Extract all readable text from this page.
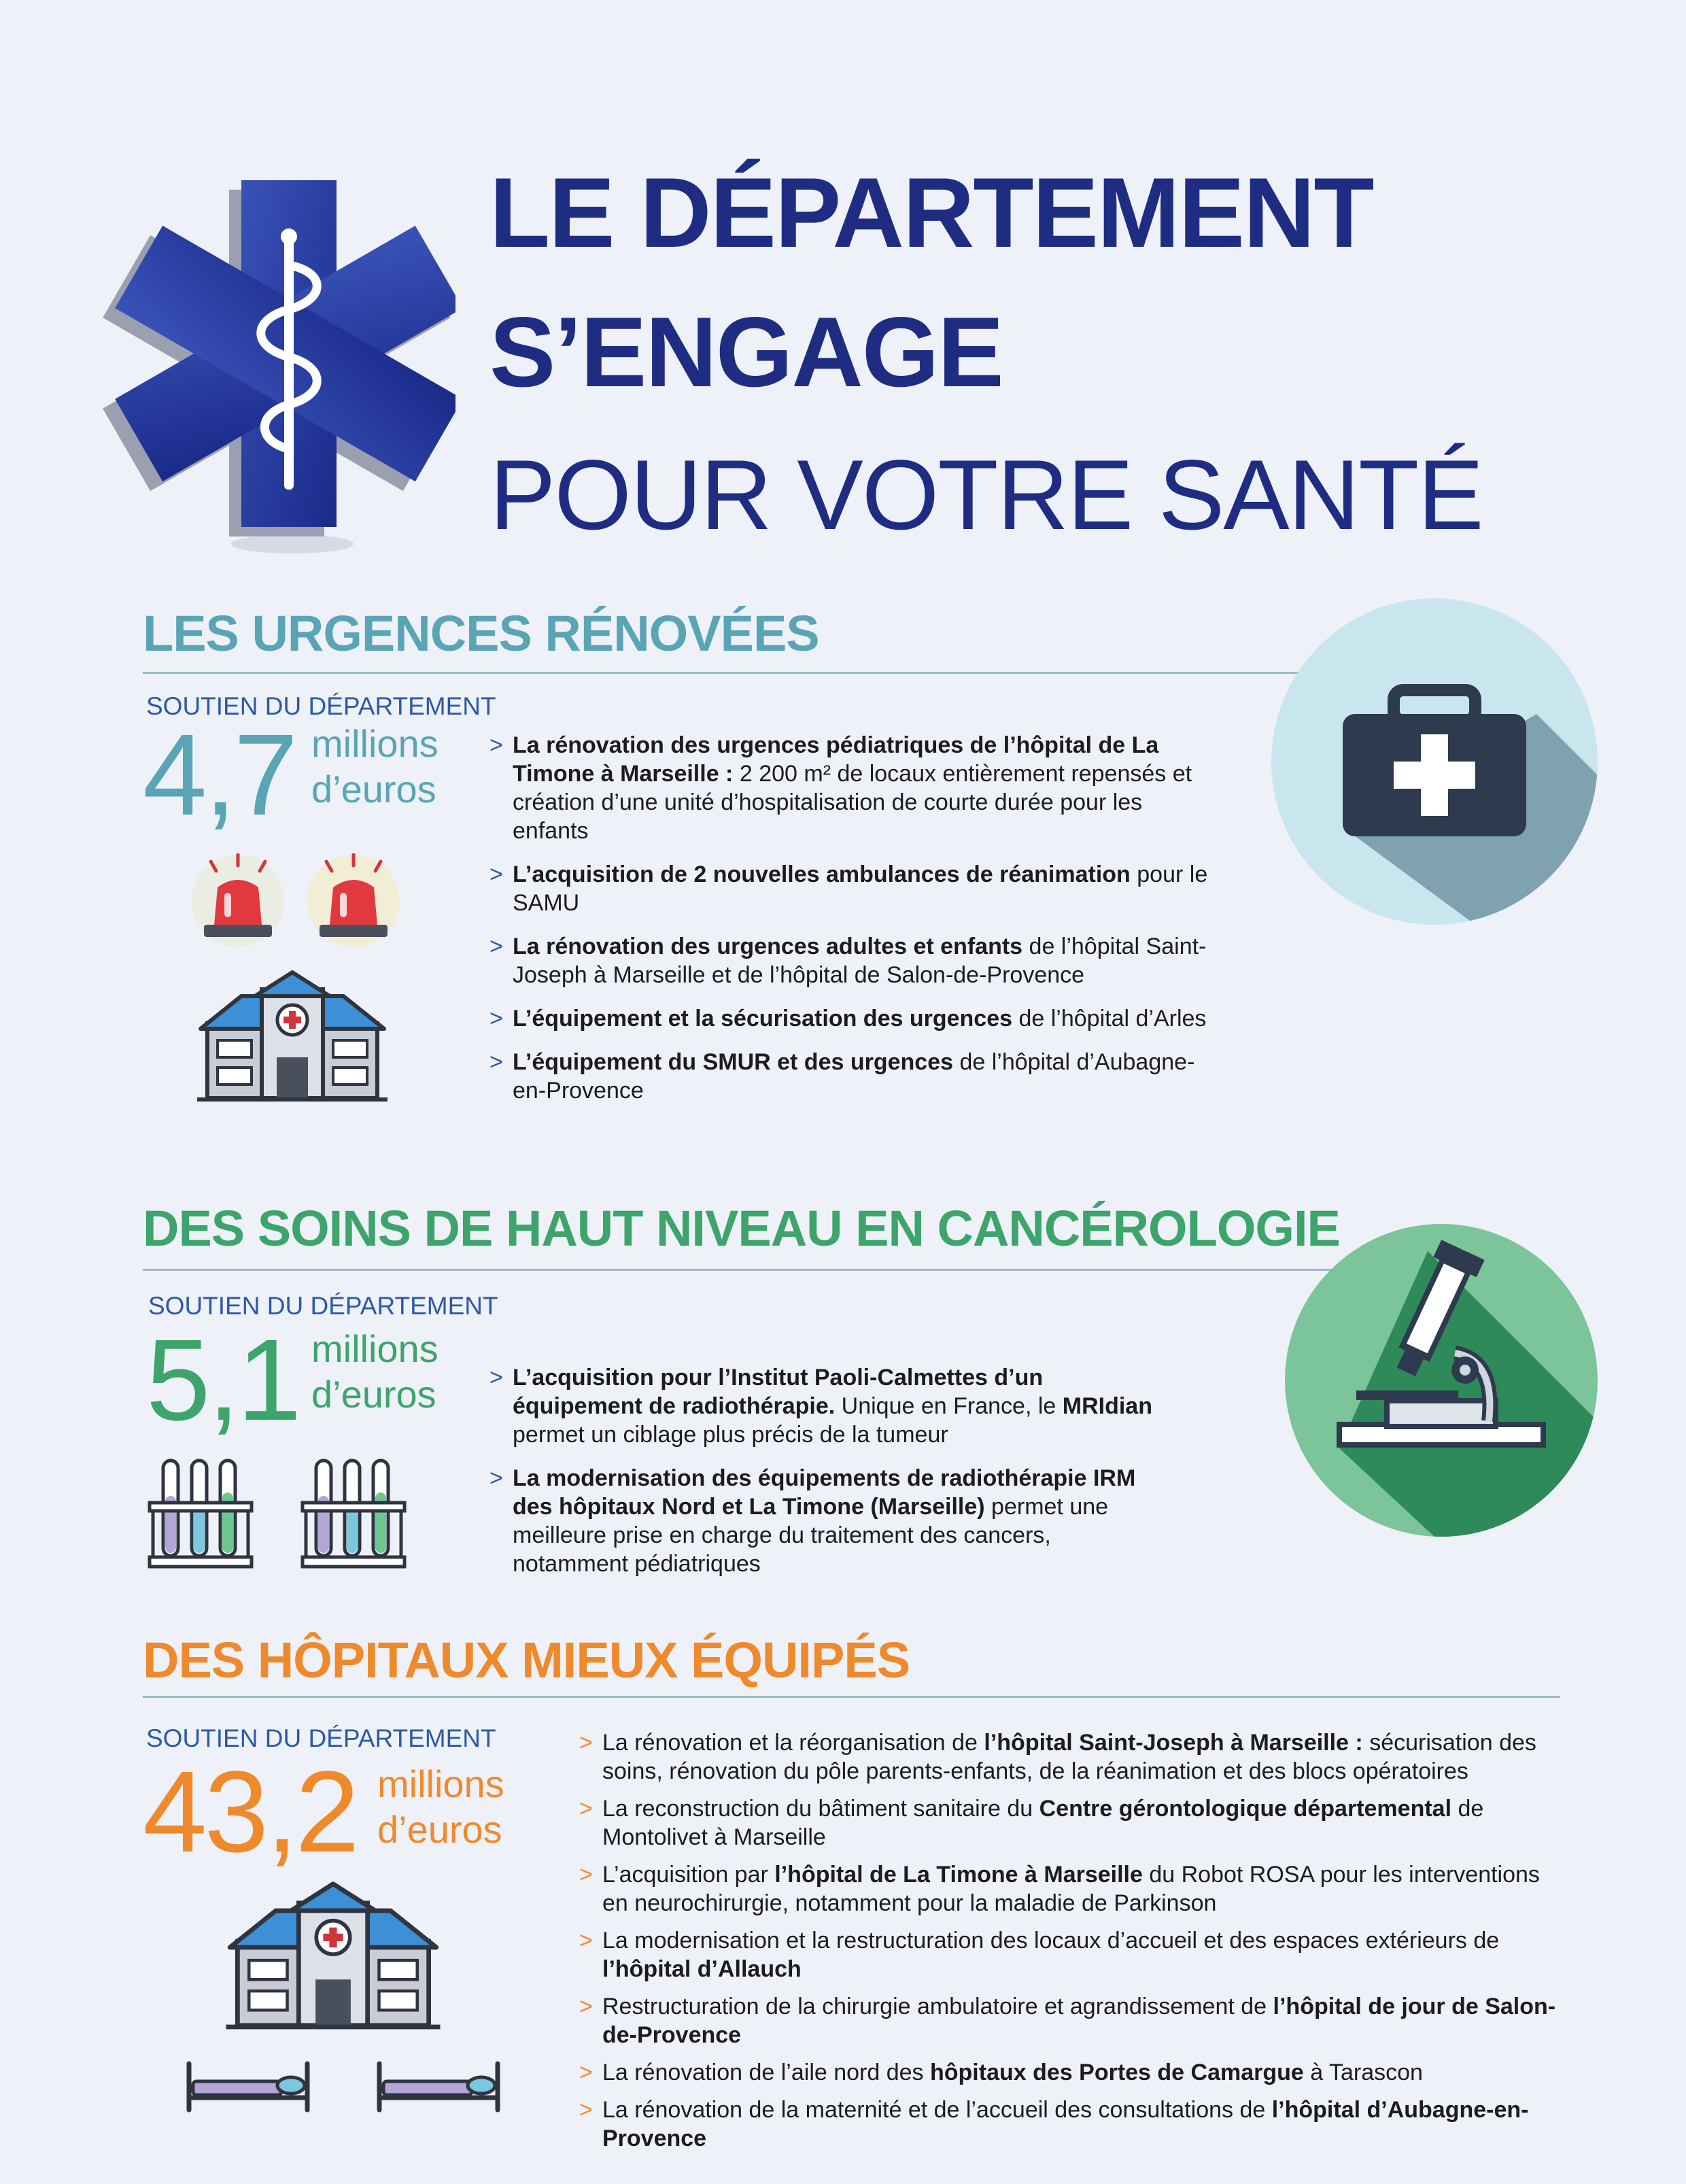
LE DÉPARTEMENT
S’ENGAGE
POUR VOTRE SANTÉ
LES URGENCES RÉNOVÉES
SOUTIEN DU DÉPARTEMENT
4,7 millions
d’euros
> La rénovation des urgences pédiatriques de l’hôpital de La Timone à Marseille : 2 200 m² de locaux entièrement repensés et création d’une unité d’hospitalisation de courte durée pour les enfants
> L’acquisition de 2 nouvelles ambulances de réanimation pour le SAMU
> La rénovation des urgences adultes et enfants de l’hôpital Saint-Joseph à Marseille et de l’hôpital de Salon-de-Provence
> L’équipement et la sécurisation des urgences de l’hôpital d’Arles
> L’équipement du SMUR et des urgences de l’hôpital d’Aubagne-en-Provence
DES SOINS DE HAUT NIVEAU EN CANCÉROLOGIE
SOUTIEN DU DÉPARTEMENT
5,1 millions
d’euros > L’acquisition pour l’Institut Paoli-Calmettes d’un équipement de radiothérapie. Unique en France, le MRIdian permet un ciblage plus précis de la tumeur
> La modernisation des équipements de radiothérapie IRM des hôpitaux Nord et La Timone (Marseille) permet une meilleure prise en charge du traitement des cancers, notamment pédiatriques
DES HÔPITAUX MIEUX ÉQUIPÉS
SOUTIEN DU DÉPARTEMENT
43,2 millions
d’euros
> La rénovation et la réorganisation de l’hôpital Saint-Joseph à Marseille : sécurisation des soins, rénovation du pôle parents-enfants, de la réanimation et des blocs opératoires
> La reconstruction du bâtiment sanitaire du Centre gérontologique départemental de Montolivet à Marseille
> L’acquisition par l’hôpital de La Timone à Marseille du Robot ROSA pour les interventions en neurochirurgie, notamment pour la maladie de Parkinson
> La modernisation et la restructuration des locaux d’accueil et des espaces extérieurs de l’hôpital d’Allauch
> Restructuration de la chirurgie ambulatoire et agrandissement de l’hôpital de jour de Salon-de-Provence
> La rénovation de l’aile nord des hôpitaux des Portes de Camargue à Tarascon
> La rénovation de la maternité et de l’accueil des consultations de l’hôpital d’Aubagne-en-Provence
